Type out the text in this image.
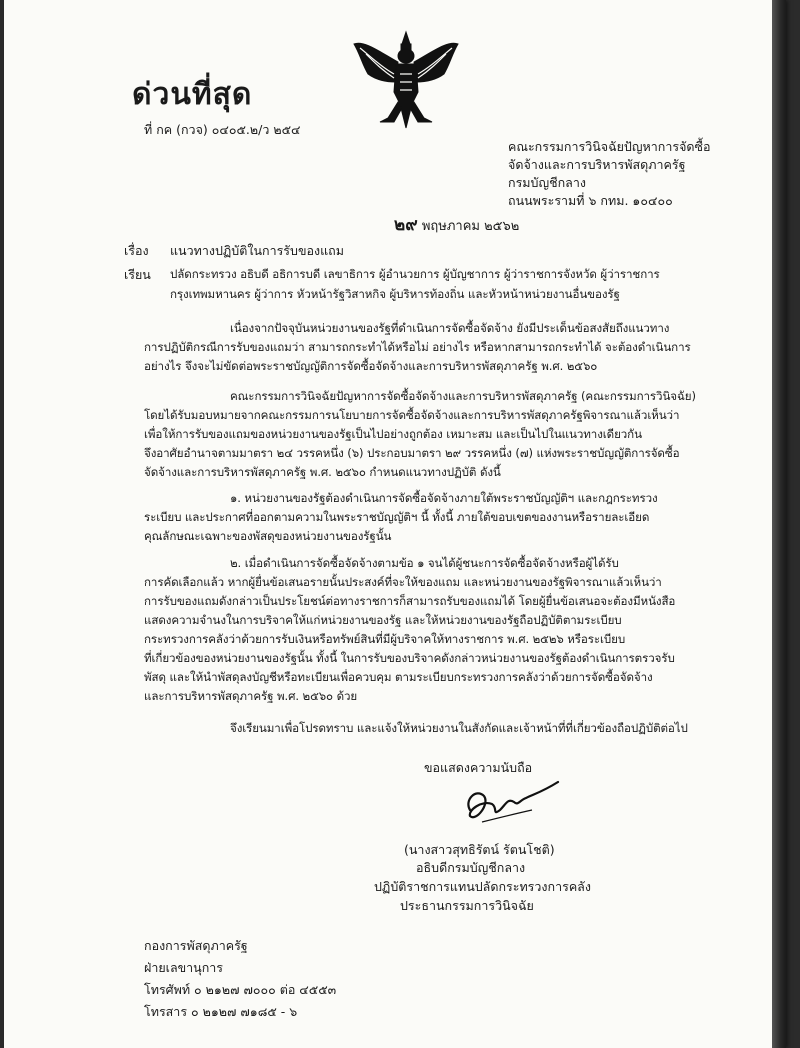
ด่วนที่สุด
ที่ กค (กวจ) ๐๔๐๕.๒/ว ๒๕๔
คณะกรรมการวินิจฉัยปัญหาการจัดซื้อ
จัดจ้างและการบริหารพัสดุภาครัฐ
กรมบัญชีกลาง
ถนนพระรามที่ ๖ กทม. ๑๐๔๐๐
๒๙ พฤษภาคม ๒๕๖๒
เรื่อง แนวทางปฏิบัติในการรับของแถม
เรียน ปลัดกระทรวง อธิบดี อธิการบดี เลขาธิการ ผู้อำนวยการ ผู้บัญชาการ ผู้ว่าราชการจังหวัด ผู้ว่าราชการ
กรุงเทพมหานคร ผู้ว่าการ หัวหน้ารัฐวิสาหกิจ ผู้บริหารท้องถิ่น และหัวหน้าหน่วยงานอื่นของรัฐ
เนื่องจากปัจจุบันหน่วยงานของรัฐที่ดำเนินการจัดซื้อจัดจ้าง ยังมีประเด็นข้อสงสัยถึงแนวทาง
การปฏิบัติกรณีการรับของแถมว่า สามารถกระทำได้หรือไม่ อย่างไร หรือหากสามารถกระทำได้ จะต้องดำเนินการ
อย่างไร จึงจะไม่ขัดต่อพระราชบัญญัติการจัดซื้อจัดจ้างและการบริหารพัสดุภาครัฐ พ.ศ. ๒๕๖๐
คณะกรรมการวินิจฉัยปัญหาการจัดซื้อจัดจ้างและการบริหารพัสดุภาครัฐ (คณะกรรมการวินิจฉัย)
โดยได้รับมอบหมายจากคณะกรรมการนโยบายการจัดซื้อจัดจ้างและการบริหารพัสดุภาครัฐพิจารณาแล้วเห็นว่า
เพื่อให้การรับของแถมของหน่วยงานของรัฐเป็นไปอย่างถูกต้อง เหมาะสม และเป็นไปในแนวทางเดียวกัน
จึงอาศัยอำนาจตามมาตรา ๒๔ วรรคหนึ่ง (๖) ประกอบมาตรา ๒๙ วรรคหนึ่ง (๗) แห่งพระราชบัญญัติการจัดซื้อ
จัดจ้างและการบริหารพัสดุภาครัฐ พ.ศ. ๒๕๖๐ กำหนดแนวทางปฏิบัติ ดังนี้
๑. หน่วยงานของรัฐต้องดำเนินการจัดซื้อจัดจ้างภายใต้พระราชบัญญัติฯ และกฎกระทรวง
ระเบียบ และประกาศที่ออกตามความในพระราชบัญญัติฯ นี้ ทั้งนี้ ภายใต้ขอบเขตของงานหรือรายละเอียด
คุณลักษณะเฉพาะของพัสดุของหน่วยงานของรัฐนั้น
๒. เมื่อดำเนินการจัดซื้อจัดจ้างตามข้อ ๑ จนได้ผู้ชนะการจัดซื้อจัดจ้างหรือผู้ได้รับ
การคัดเลือกแล้ว หากผู้ยื่นข้อเสนอรายนั้นประสงค์ที่จะให้ของแถม และหน่วยงานของรัฐพิจารณาแล้วเห็นว่า
การรับของแถมดังกล่าวเป็นประโยชน์ต่อทางราชการก็สามารถรับของแถมได้ โดยผู้ยื่นข้อเสนอจะต้องมีหนังสือ
แสดงความจำนงในการบริจาคให้แก่หน่วยงานของรัฐ และให้หน่วยงานของรัฐถือปฏิบัติตามระเบียบ
กระทรวงการคลังว่าด้วยการรับเงินหรือทรัพย์สินที่มีผู้บริจาคให้ทางราชการ พ.ศ. ๒๕๒๖ หรือระเบียบ
ที่เกี่ยวข้องของหน่วยงานของรัฐนั้น ทั้งนี้ ในการรับของบริจาคดังกล่าวหน่วยงานของรัฐต้องดำเนินการตรวจรับ
พัสดุ และให้นำพัสดุลงบัญชีหรือทะเบียนเพื่อควบคุม ตามระเบียบกระทรวงการคลังว่าด้วยการจัดซื้อจัดจ้าง
และการบริหารพัสดุภาครัฐ พ.ศ. ๒๕๖๐ ด้วย
จึงเรียนมาเพื่อโปรดทราบ และแจ้งให้หน่วยงานในสังกัดและเจ้าหน้าที่ที่เกี่ยวข้องถือปฏิบัติต่อไป
ขอแสดงความนับถือ
(นางสาวสุทธิรัตน์ รัตนโชติ)
อธิบดีกรมบัญชีกลาง
ปฏิบัติราชการแทนปลัดกระทรวงการคลัง
ประธานกรรมการวินิจฉัย
กองการพัสดุภาครัฐ
ฝ่ายเลขานุการ
โทรศัพท์ ๐ ๒๑๒๗ ๗๐๐๐ ต่อ ๔๕๕๓
โทรสาร ๐ ๒๑๒๗ ๗๑๘๕ - ๖
